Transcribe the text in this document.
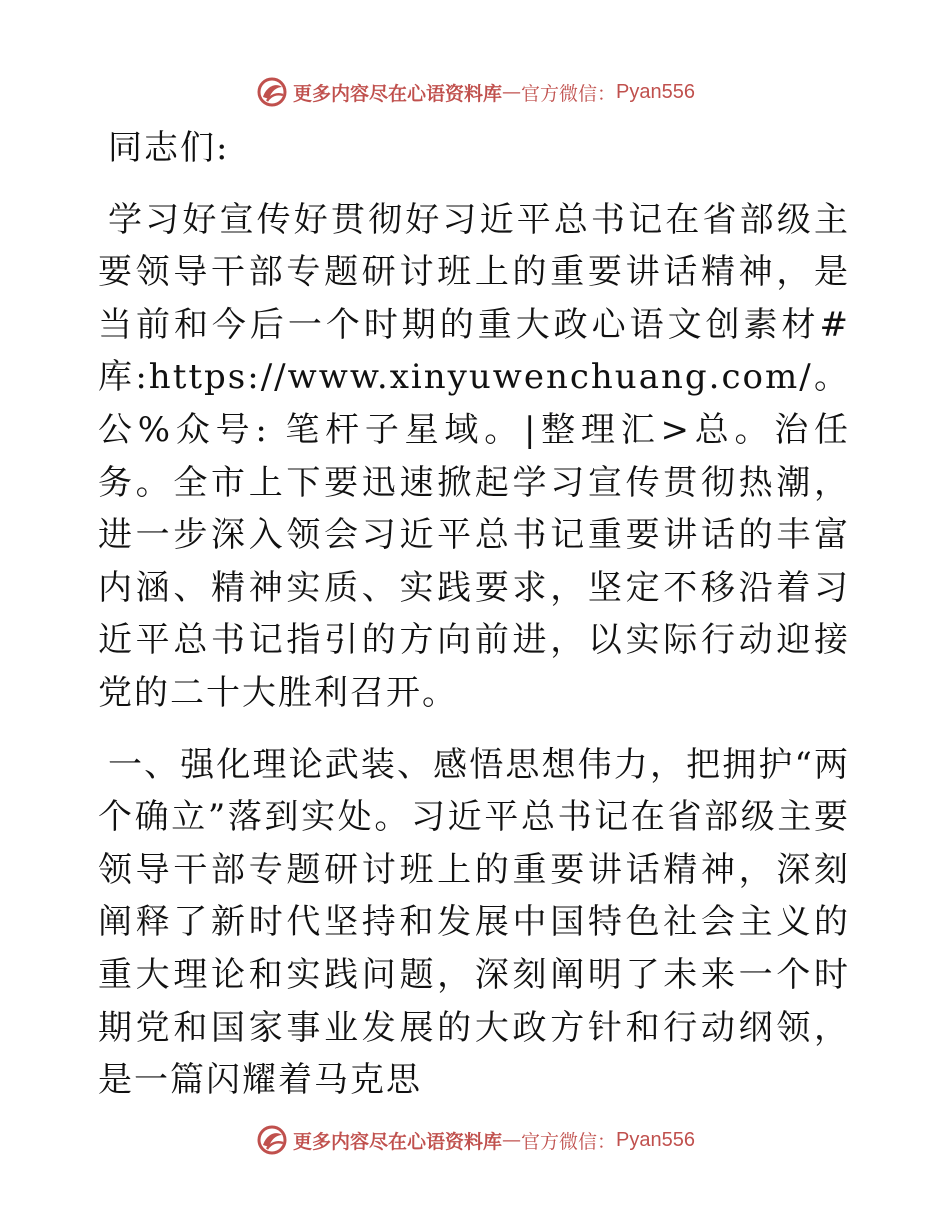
更多内容尽在心语资料库 — 官方微信： Pyan556

同志们:

学习好宣传好贯彻好习近平总书记在省部级主要领导干部专题研讨班上的重要讲话精神，是当前和今后一个时期的重大政心语文创素材#库:https://www.xinyuwenchuang.com/。公%众号: 笔杆子星域。|整理汇>总。治任务。全市上下要迅速掀起学习宣传贯彻热潮，进一步深入领会习近平总书记重要讲话的丰富内涵、精神实质、实践要求，坚定不移沿着习近平总书记指引的方向前进，以实际行动迎接党的二十大胜利召开。

一、强化理论武装、感悟思想伟力，把拥护“两个确立”落到实处。习近平总书记在省部级主要领导干部专题研讨班上的重要讲话精神，深刻阐释了新时代坚持和发展中国特色社会主义的重大理论和实践问题，深刻阐明了未来一个时期党和国家事业发展的大政方针和行动纲领，是一篇闪耀着马克思

更多内容尽在心语资料库 — 官方微信： Pyan556
